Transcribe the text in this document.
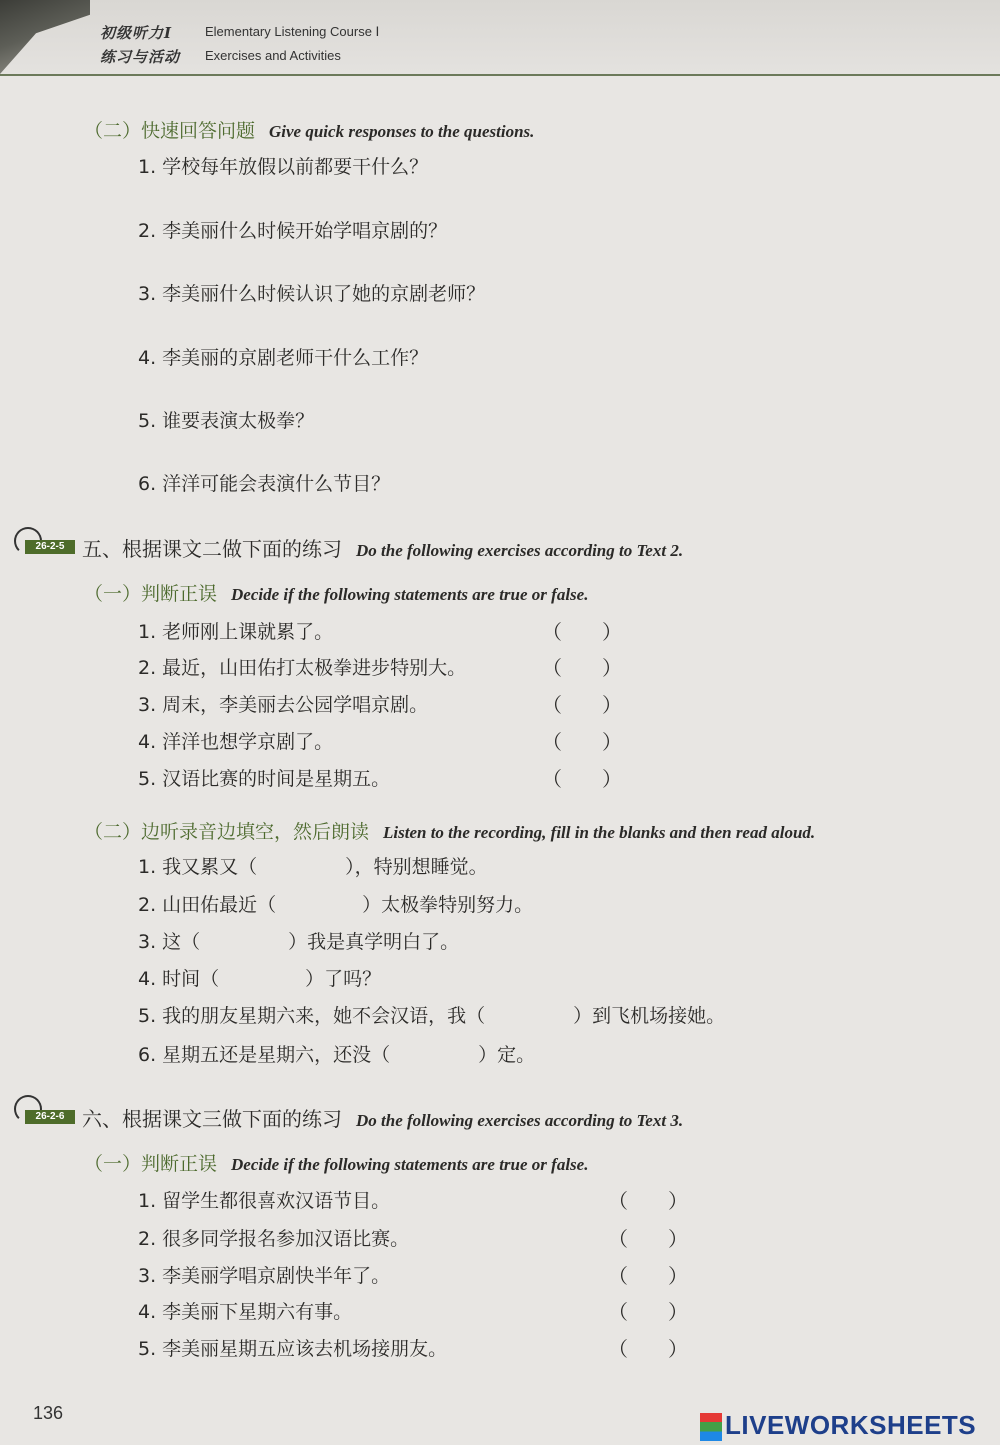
初级听力Ⅰ	Elementary Listening Course Ⅰ
练习与活动 Exercises and Activities
（二）快速回答问题 Give quick responses to the questions.
1. 学校每年放假以前都要干什么？
2. 李美丽什么时候开始学唱京剧的？
3. 李美丽什么时候认识了她的京剧老师？
4. 李美丽的京剧老师干什么工作？
5. 谁要表演太极拳？
6. 洋洋可能会表演什么节目？
26-2-5 五、根据课文二做下面的练习 Do the following exercises according to Text 2.
（一）判断正误 Decide if the following statements are true or false.
1. 老师刚上课就累了。	（　　）
2. 最近，山田佑打太极拳进步特别大。	（　　）
3. 周末，李美丽去公园学唱京剧。	（　　）
4. 洋洋也想学京剧了。	（　　）
5. 汉语比赛的时间是星期五。	（　　）
（二）边听录音边填空，然后朗读 Listen to the recording, fill in the blanks and then read aloud.
1. 我又累又（	），特别想睡觉。
2. 山田佑最近（	）太极拳特别努力。
3. 这（	）我是真学明白了。
4. 时间（	）了吗？
5. 我的朋友星期六来，她不会汉语，我（	）到飞机场接她。
6. 星期五还是星期六，还没（	）定。
26-2-6 六、根据课文三做下面的练习 Do the following exercises according to Text 3.
（一）判断正误 Decide if the following statements are true or false.
1. 留学生都很喜欢汉语节目。	（　　）
2. 很多同学报名参加汉语比赛。	（　　）
3. 李美丽学唱京剧快半年了。	（　　）
4. 李美丽下星期六有事。	（　　）
5. 李美丽星期五应该去机场接朋友。	（　　）
136	LIVEWORKSHEETS
